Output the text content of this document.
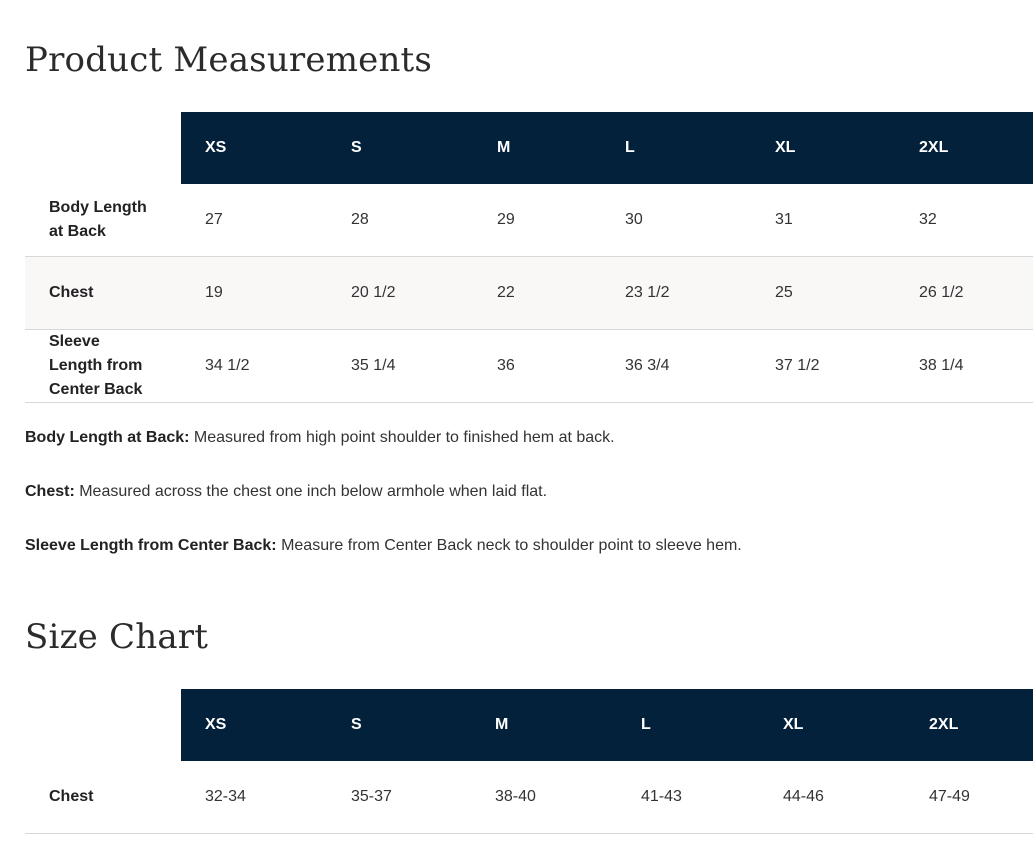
Product Measurements

	XS	S	M	L	XL	2XL

Body Length at Back	27	28	29	30	31	32

Chest	19	20 1/2	22	23 1/2	25	26 1/2

Sleeve Length from Center Back	34 1/2	35 1/4	36	36 3/4	37 1/2	38 1/4

Body Length at Back: Measured from high point shoulder to finished hem at back.

Chest: Measured across the chest one inch below armhole when laid flat.

Sleeve Length from Center Back: Measure from Center Back neck to shoulder point to sleeve hem.

Size Chart

	XS	S	M	L	XL	2XL

Chest	32-34	35-37	38-40	41-43	44-46	47-49
